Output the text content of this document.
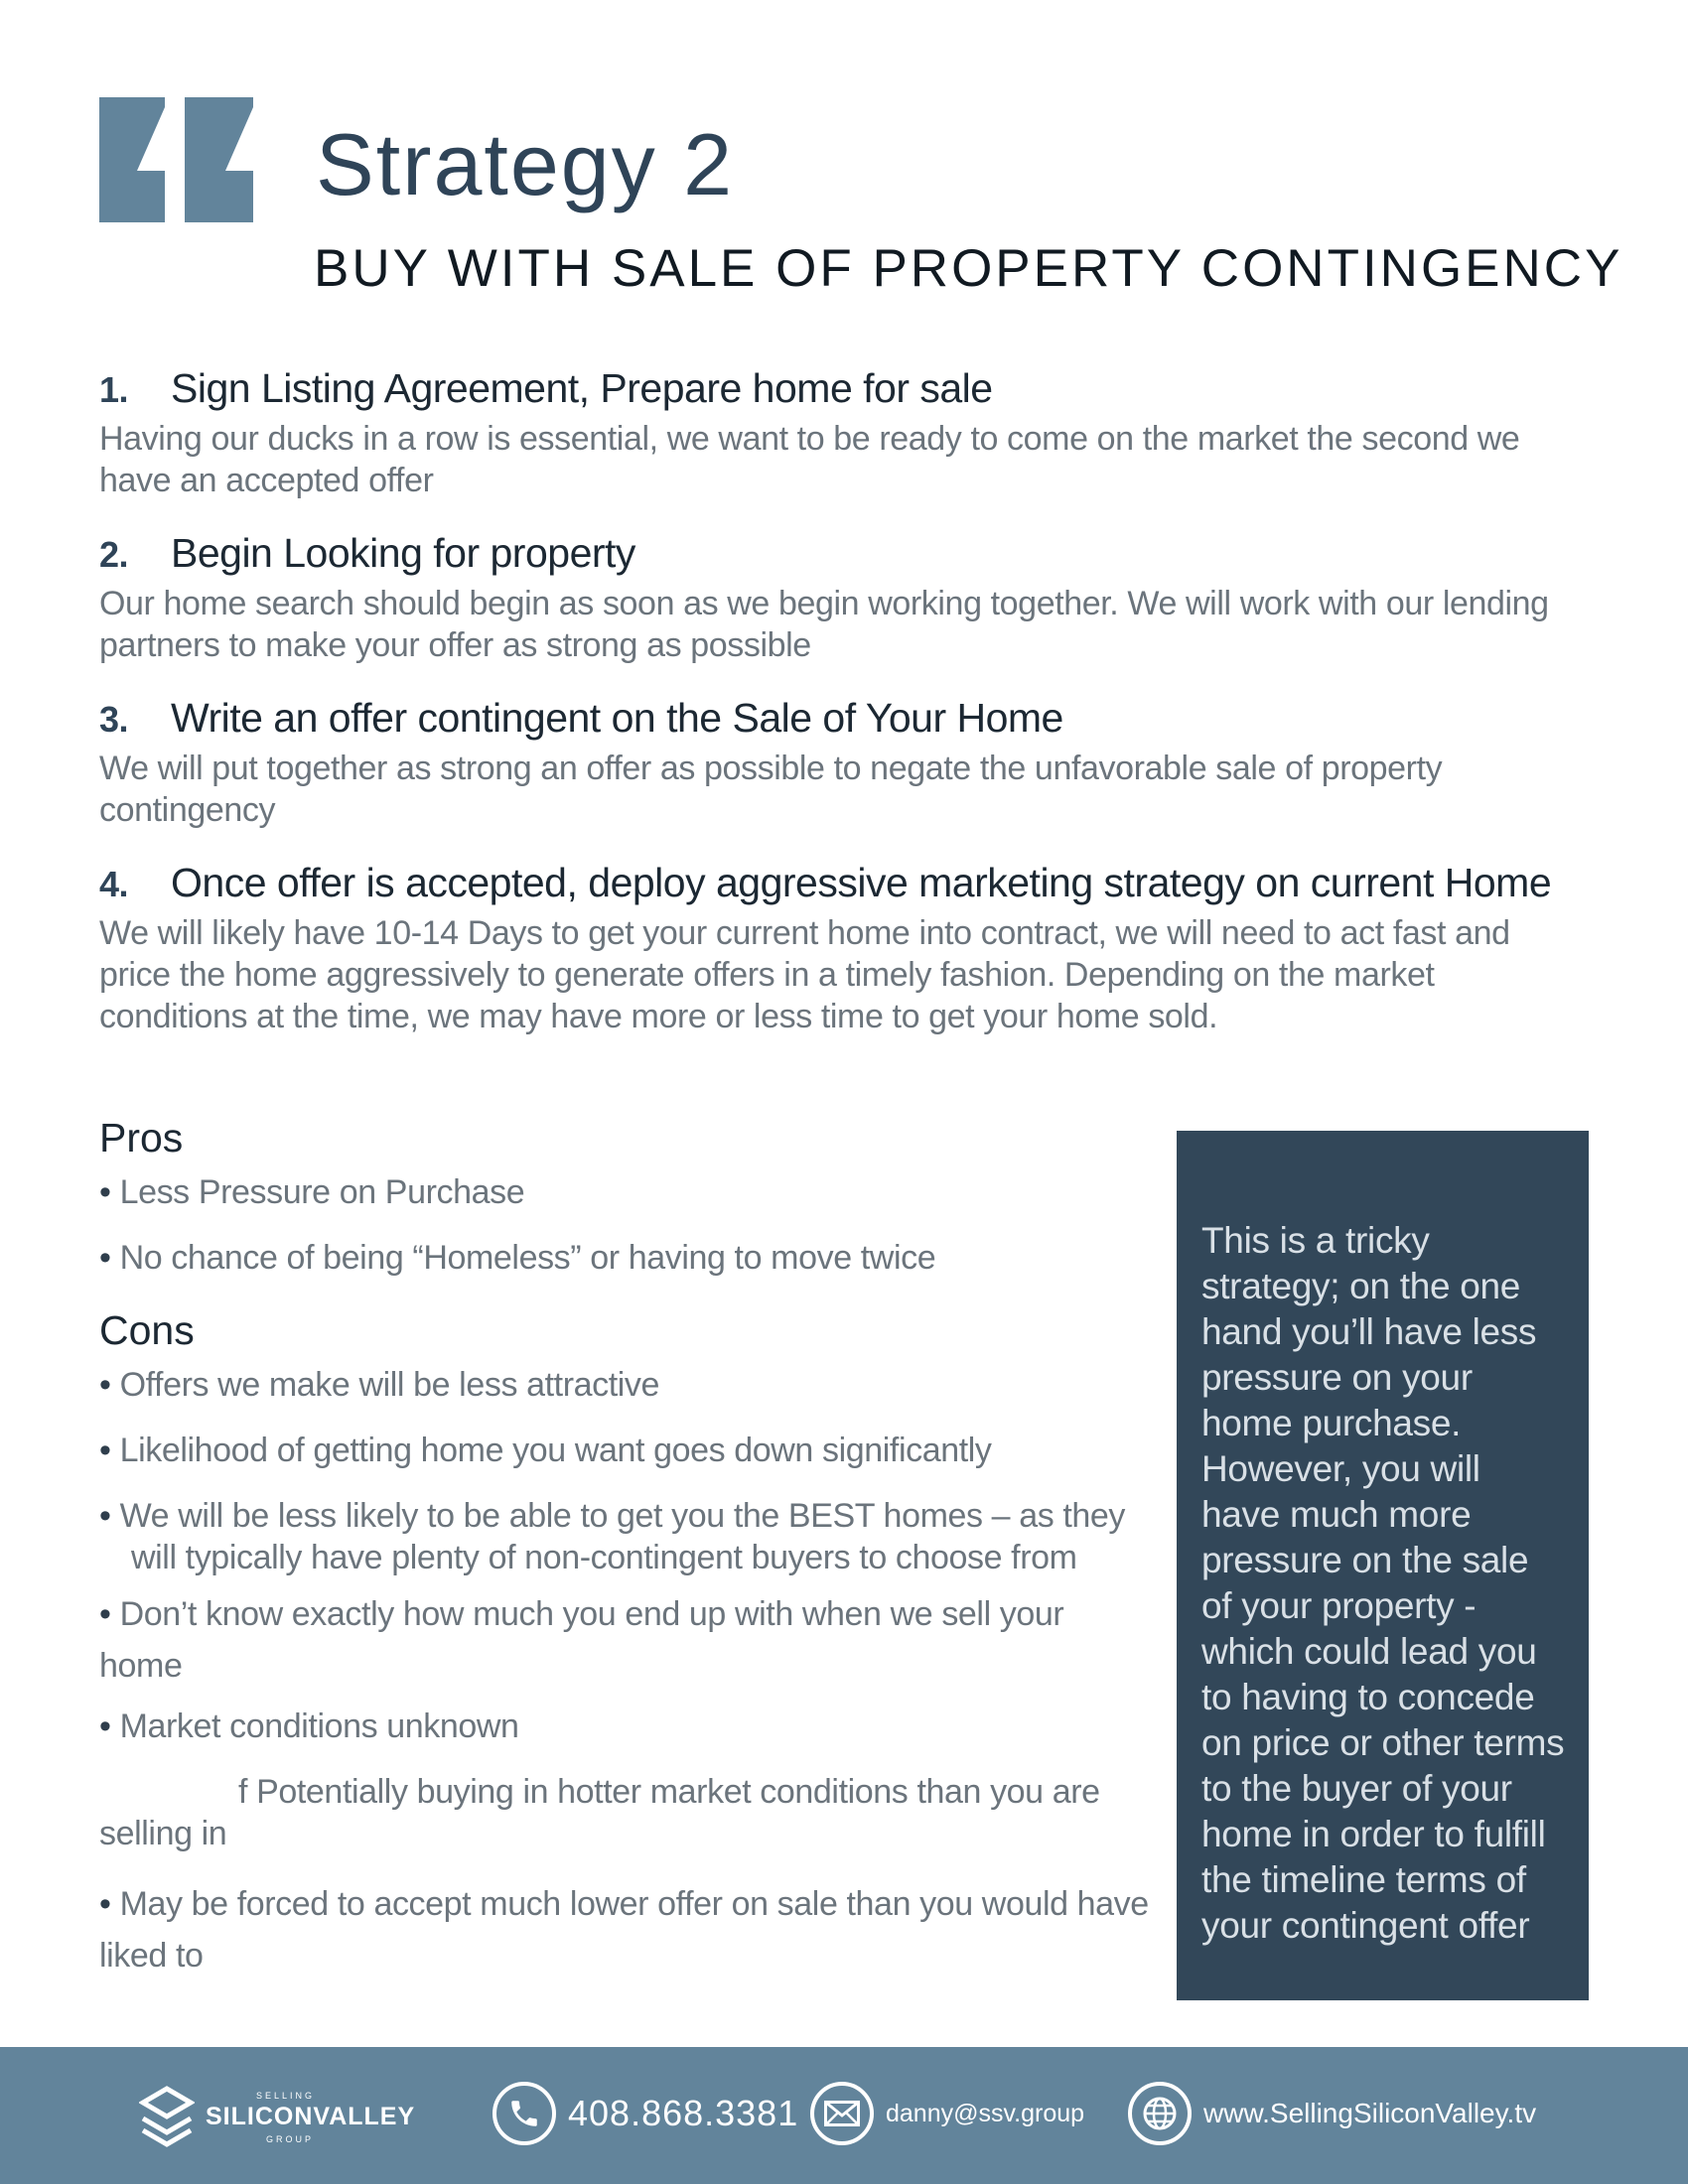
Strategy 2
BUY WITH SALE OF PROPERTY CONTINGENCY
1.	Sign Listing Agreement, Prepare home for sale
Having our ducks in a row is essential, we want to be ready to come on the market the second we have an accepted offer
2.	Begin Looking for property
Our home search should begin as soon as we begin working together. We will work with our lending partners to make your offer as strong as possible
3.	Write an offer contingent on the Sale of Your Home
We will put together as strong an offer as possible to negate the unfavorable sale of property contingency
4.	Once offer is accepted, deploy aggressive marketing strategy on current Home
We will likely have 10-14 Days to get your current home into contract, we will need to act fast and price the home aggressively to generate offers in a timely fashion. Depending on the market conditions at the time, we may have more or less time to get your home sold.
Pros

• Less Pressure on Purchase

• No chance of being “Homeless” or having to move twice

Cons

• Offers we make will be less attractive

• Likelihood of getting home you want goes down significantly

• We will be less likely to be able to get you the BEST homes – as they will typically have plenty of non-contingent buyers to choose from

• Don’t know exactly how much you end up with when we sell your home

• Market conditions unknown

f Potentially buying in hotter market conditions than you are selling in

• May be forced to accept much lower offer on sale than you would have liked to

This is a tricky strategy; on the one hand you’ll have less pressure on your home purchase. However, you will have much more pressure on the sale of your property - which could lead you to having to concede on price or other terms to the buyer of your home in order to fulfill the timeline terms of your contingent offer
SELLING
SILICONVALLEY
GROUP
408.868.3381	danny@ssv.group	www.SellingSiliconValley.tv
